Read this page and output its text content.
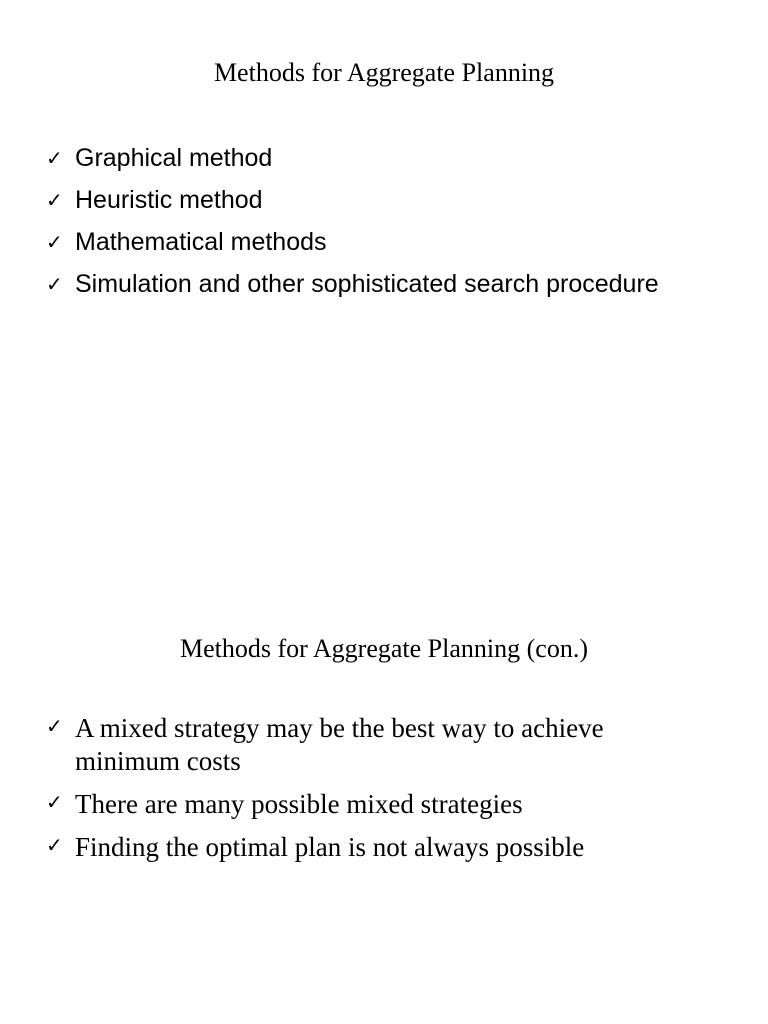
Methods for Aggregate Planning
✓ Graphical method
✓ Heuristic method
✓ Mathematical methods
✓ Simulation and other sophisticated search procedure
Methods for Aggregate Planning (con.)
✓ A mixed strategy may be the best way to achieve minimum costs
✓ There are many possible mixed strategies
✓ Finding the optimal plan is not always possible
